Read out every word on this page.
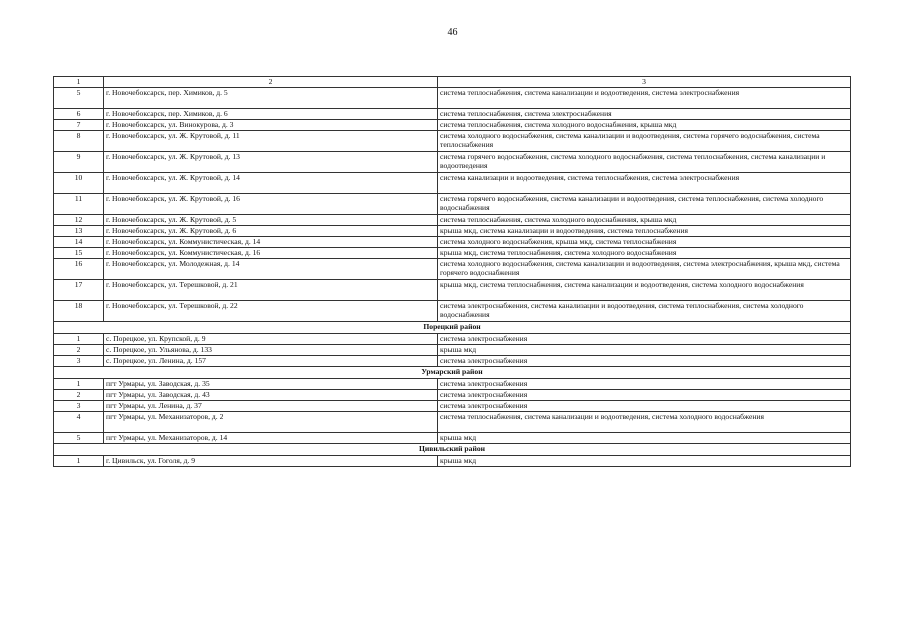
46
1	2	3
5	г. Новочебоксарск, пер. Химиков, д. 5	система теплоснабжения, система канализации и водоотведения, система электроснабжения
6	г. Новочебоксарск, пер. Химиков, д. 6	система теплоснабжения, система электроснабжения
7	г. Новочебоксарск, ул. Винокурова, д. 3	система теплоснабжения, система холодного водоснабжения, крыша мкд
8	г. Новочебоксарск, ул. Ж. Крутовой, д. 11	система холодного водоснабжения, система канализации и водоотведения, система горячего водоснабжения, система теплоснабжения
9	г. Новочебоксарск, ул. Ж. Крутовой, д. 13	система горячего водоснабжения, система холодного водоснабжения, система теплоснабжения, система канализации и водоотведения
10	г. Новочебоксарск, ул. Ж. Крутовой, д. 14	система канализации и водоотведения, система теплоснабжения, система электроснабжения
11	г. Новочебоксарск, ул. Ж. Крутовой, д. 16	система горячего водоснабжения, система канализации и водоотведения, система теплоснабжения, система холодного водоснабжения
12	г. Новочебоксарск, ул. Ж. Крутовой, д. 5	система теплоснабжения, система холодного водоснабжения, крыша мкд
13	г. Новочебоксарск, ул. Ж. Крутовой, д. 6	крыша мкд, система канализации и водоотведения, система теплоснабжения
14	г. Новочебоксарск, ул. Коммунистическая, д. 14	система холодного водоснабжения, крыша мкд, система теплоснабжения
15	г. Новочебоксарск, ул. Коммунистическая, д. 16	крыша мкд, система теплоснабжения, система холодного водоснабжения
16	г. Новочебоксарск, ул. Молодежная, д. 14	система холодного водоснабжения, система канализации и водоотведения, система электроснабжения, крыша мкд, система горячего водоснабжения
17	г. Новочебоксарск, ул. Терешковой, д. 21	крыша мкд, система теплоснабжения, система канализации и водоотведения, система холодного водоснабжения
18	г. Новочебоксарск, ул. Терешковой, д. 22	система электроснабжения, система канализации и водоотведения, система теплоснабжения, система холодного водоснабжения
Порецкий район		
1	с. Порецкое, ул. Крупской, д. 9	система электроснабжения
2	с. Порецкое, ул. Ульянова, д. 133	крыша мкд
3	с. Порецкое, ул. Ленина, д. 157	система электроснабжения
Урмарский район		
1	пгт Урмары, ул. Заводская, д. 35	система электроснабжения
2	пгт Урмары, ул. Заводская, д. 43	система электроснабжения
3	пгт Урмары, ул. Ленина, д. 37	система электроснабжения
4	пгт Урмары, ул. Механизаторов, д. 2	система теплоснабжения, система канализации и водоотведения, система холодного водоснабжения
5	пгт Урмары, ул. Механизаторов, д. 14	крыша мкд
Цивильский район		
1	г. Цивильск, ул. Гоголя, д. 9	крыша мкд
